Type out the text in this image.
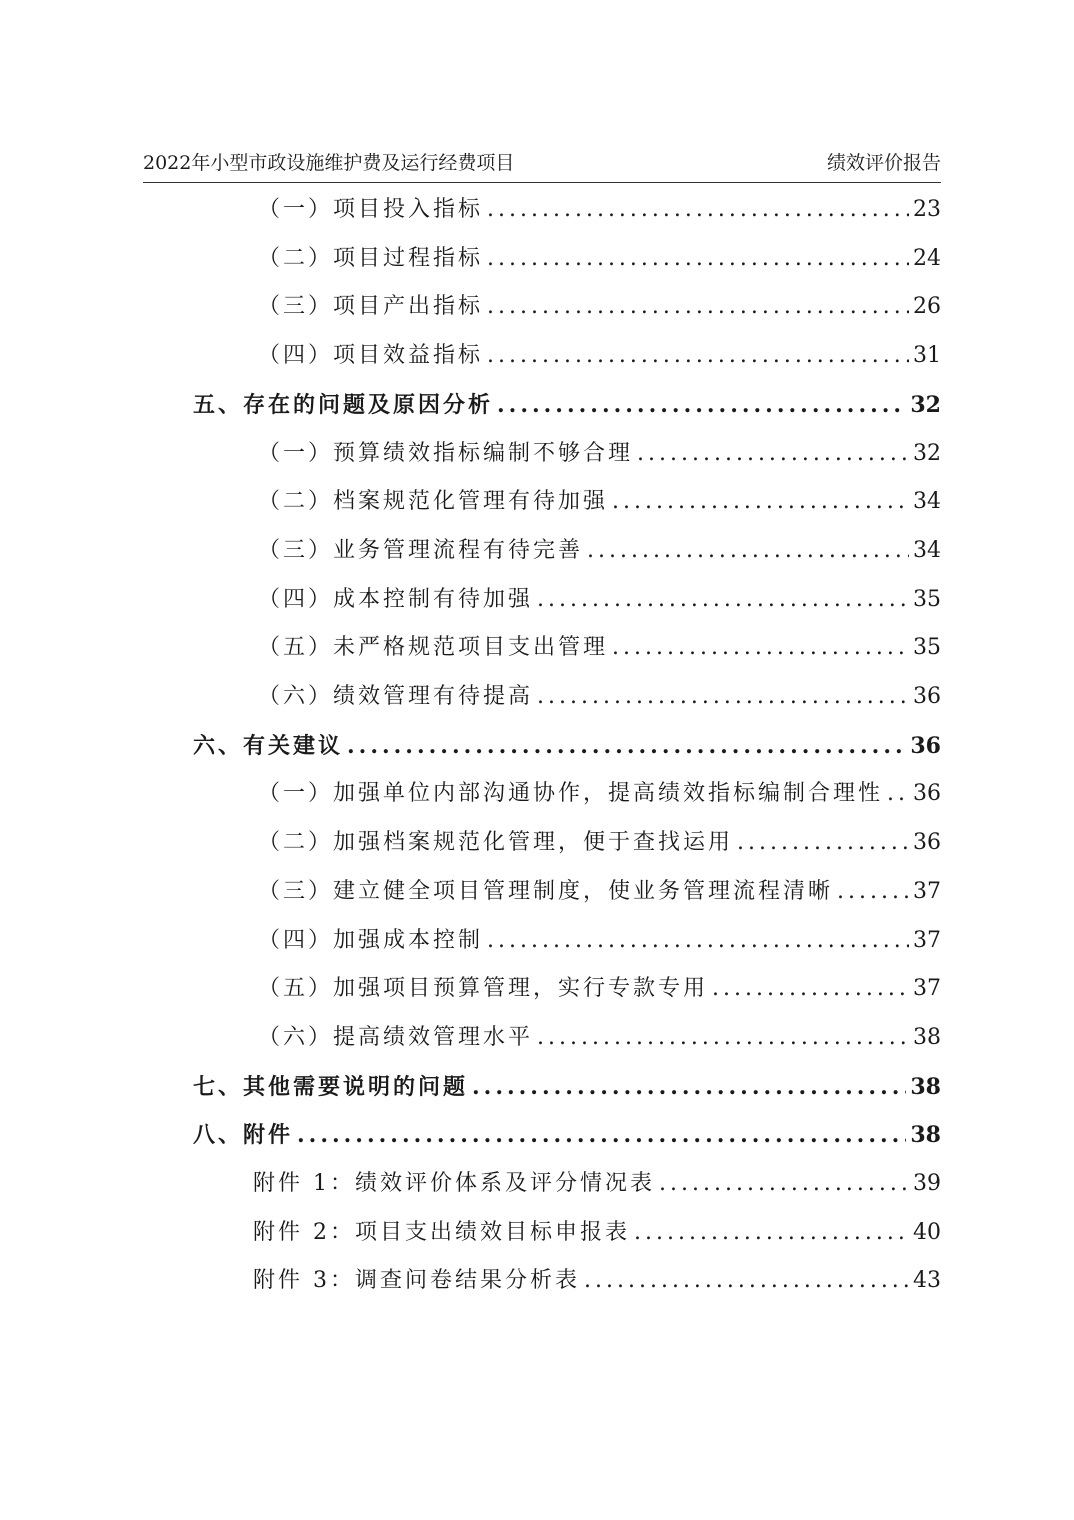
2022年小型市政设施维护费及运行经费项目	绩效评价报告
（一）项目投入指标 .....	23
（二）项目过程指标 .....	24
（三）项目产出指标 .....	26
（四）项目效益指标 .....	31
五、存在的问题及原因分析 .....	32
（一）预算绩效指标编制不够合理 .....	32
（二）档案规范化管理有待加强 .....	34
（三）业务管理流程有待完善 .....	34
（四）成本控制有待加强 .....	35
（五）未严格规范项目支出管理 .....	35
（六）绩效管理有待提高 .....	36
六、有关建议 .....	36
（一）加强单位内部沟通协作，提高绩效指标编制合理性 ..... 36
（二）加强档案规范化管理，便于查找运用 .....	36
（三）建立健全项目管理制度，使业务管理流程清晰 .....	37
（四）加强成本控制 .....	37
（五）加强项目预算管理，实行专款专用 .....	37
（六）提高绩效管理水平 .....	38
七、其他需要说明的问题 .....	38
八、附件 .....	38
附件 1：绩效评价体系及评分情况表 .....	39
附件 2：项目支出绩效目标申报表 .....	40
附件 3：调查问卷结果分析表 .....	43
